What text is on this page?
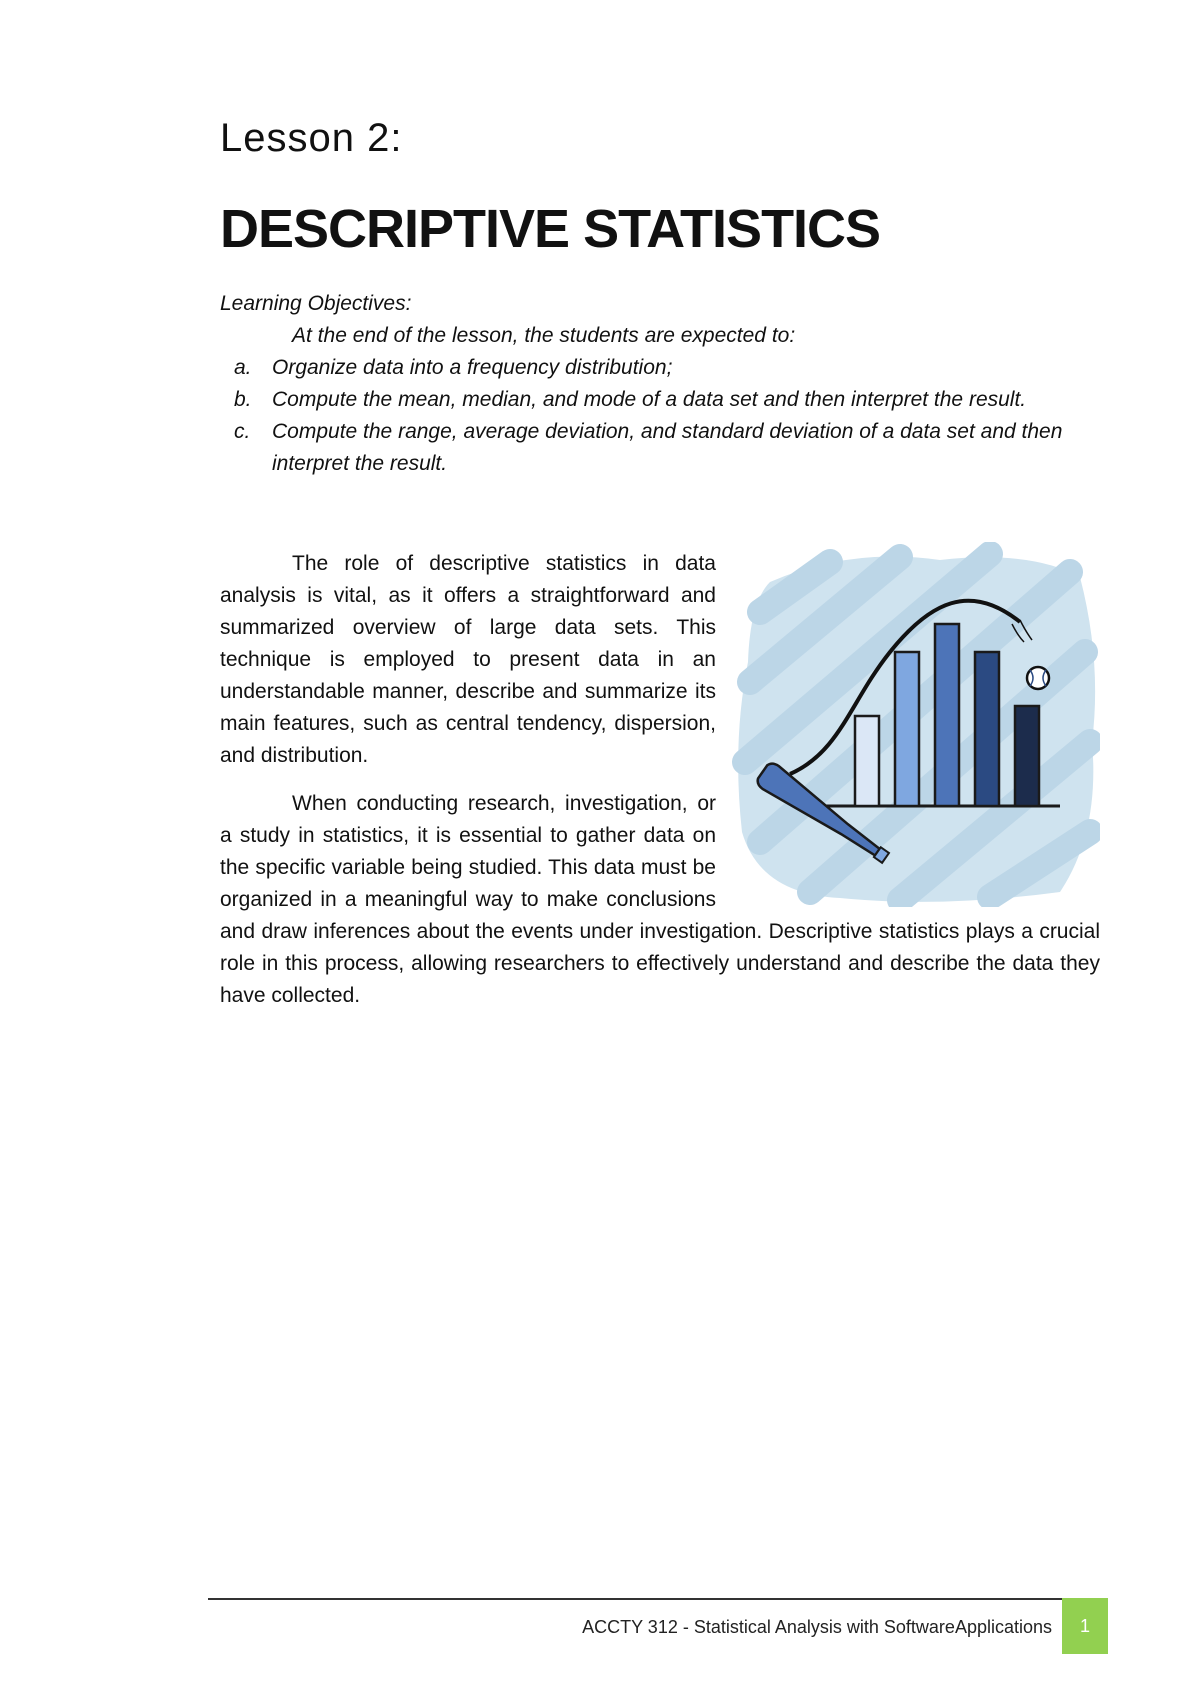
Lesson 2:
DESCRIPTIVE STATISTICS

Learning Objectives:

At the end of the lesson, the students are expected to:

a. Organize data into a frequency distribution;
b. Compute the mean, median, and mode of a data set and then interpret the result.
c. Compute the range, average deviation, and standard deviation of a data set and then interpret the result.

The role of descriptive statistics in data analysis is vital, as it offers a straightforward and summarized overview of large data sets. This technique is employed to present data in an understandable manner, describe and summarize its main features, such as central tendency, dispersion, and distribution.

When conducting research, investigation, or a study in statistics, it is essential to gather data on the specific variable being studied. This data must be organized in a meaningful way to make conclusions and draw inferences about the events under investigation. Descriptive statistics plays a crucial role in this process, allowing researchers to effectively understand and describe the data they have collected.

ACCTY 312 - Statistical Analysis with SoftwareApplications	1
